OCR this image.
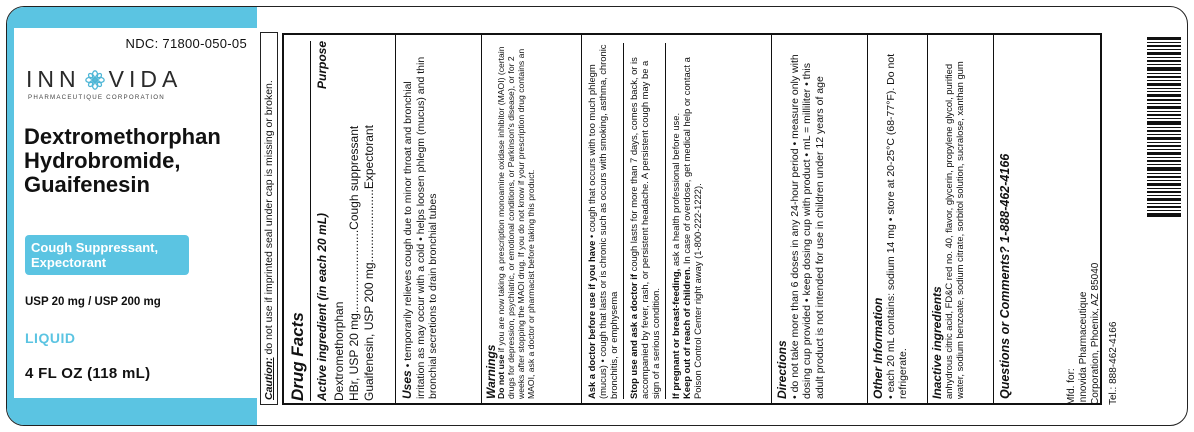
NDC: 71800-050-05
INN VIDA
PHARMACEUTIQUE CORPORATION
Dextromethorphan Hydrobromide, Guaifenesin
Cough Suppressant, Expectorant
USP 20 mg / USP 200 mg
LIQUID
4 FL OZ (118 mL)	Caution: do not use if imprinted seal under cap is missing or broken. Drug Facts Active ingredient (in each 20 mL)
Purpose
Dextromethorphan HBr, USP 20 mg.........................Cough suppressant Guaifenesin, USP 200 mg......................Expectorant Uses • temporarily relieves cough due to minor throat and bronchial irritation as may occur with a cold • helps loosen phlegm (mucus) and thin bronchial secretions to drain bronchial tubes	Warnings
Do not use if you are now taking a prescription monoamine oxidase inhibitor (MAOI) (certain drugs for depression, psychiatric, or emotional conditions, or Parkinson's disease), or for 2 weeks after stopping the MAOI drug. If you do not know if your prescription drug contains an MAOI, ask a doctor or pharmacist before taking this product.	Ask a doctor before use if you have • cough that occurs with too much phlegm (mucus) • cough that lasts or is chronic such as occurs with smoking, asthma, chronic bronchitis, or emphysema Stop use and ask a doctor if cough lasts for more than 7 days, comes back, or is accompanied by fever, rash, or persistent headache. A persistent cough may be a sign of a serious condition. If pregnant or breast-feeding, ask a health professional before use.
Keep out of reach of children. In case of overdose, get medical help or contact a Poison Control Center right away (1-800-222-1222).	Directions • do not take more than 6 doses in any 24-hour period • measure only with dosing cup provided • keep dosing cup with product • mL = milliliter • this adult product is not intended for use in children under 12 years of age	Other Information • each 20 mL contains: sodium 14 mg • store at 20-25°C (68-77°F). Do not refrigerate. Inactive ingredients anhydrous citric acid, FD&C red no. 40, flavor, glycerin, propylene glycol, purified water, sodium benzoate, sodium citrate, sorbitol solution, sucralose, xanthan gum	Questions or Comments? 1-888-462-4166	Mfd. for: Innovida Pharmaceutique Corporation, Phoenix, AZ 85040 Tel.: 888-462-4166
